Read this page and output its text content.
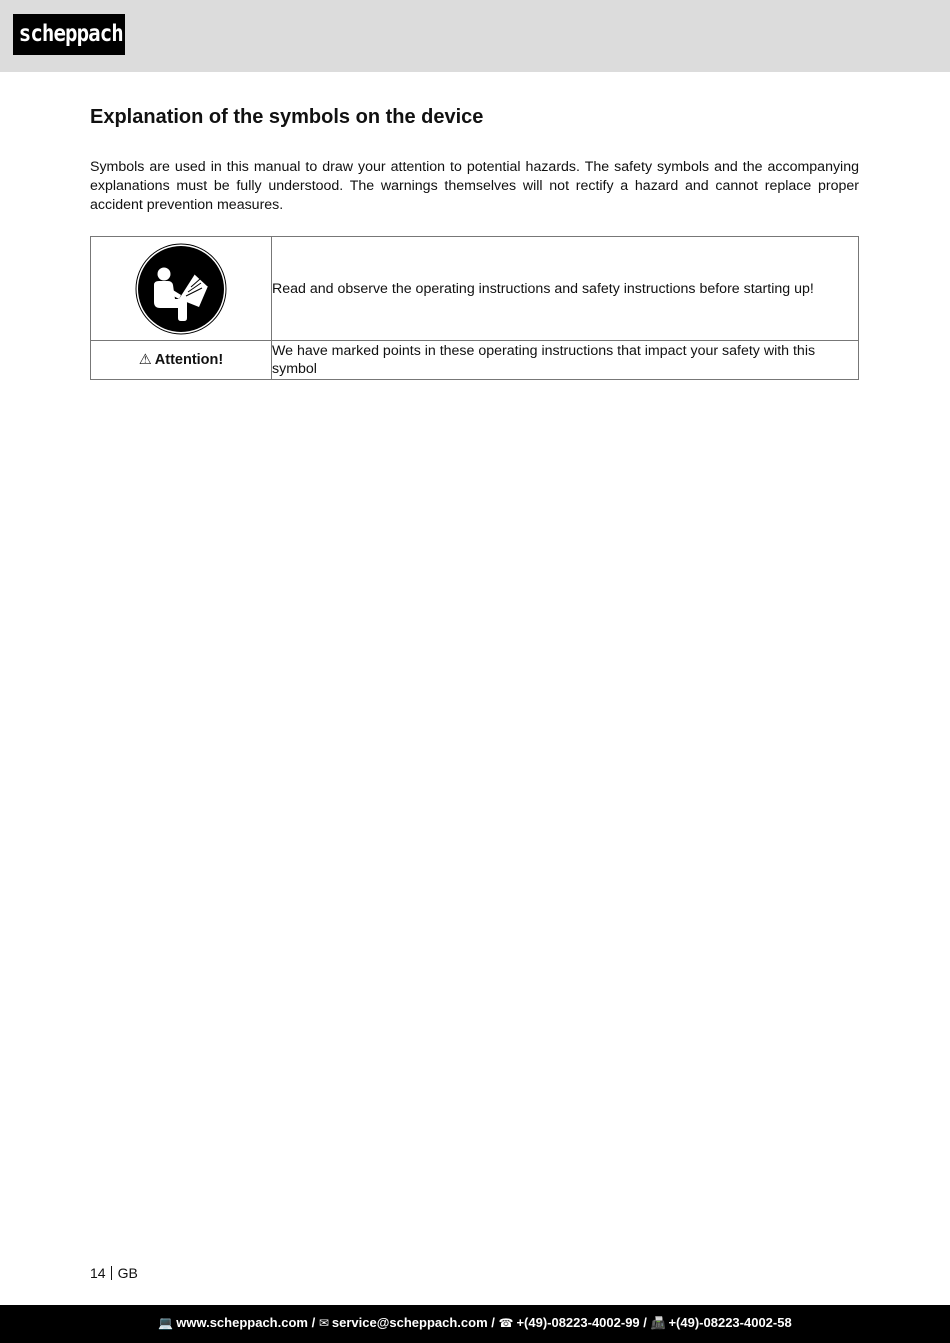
scheppach
Explanation of the symbols on the device

Symbols are used in this manual to draw your attention to potential hazards. The safety symbols and the accompanying explanations must be fully understood. The warnings themselves will not rectify a hazard and cannot replace proper accident prevention measures.

	Read and observe the operating instructions and safety instructions before starting up!
⚠ Attention!	We have marked points in these operating instructions that impact your safety with this symbol
14 GB
💻 www.scheppach.com / ✉ service@scheppach.com / ☎ +(49)-08223-4002-99 / 📠 +(49)-08223-4002-58
